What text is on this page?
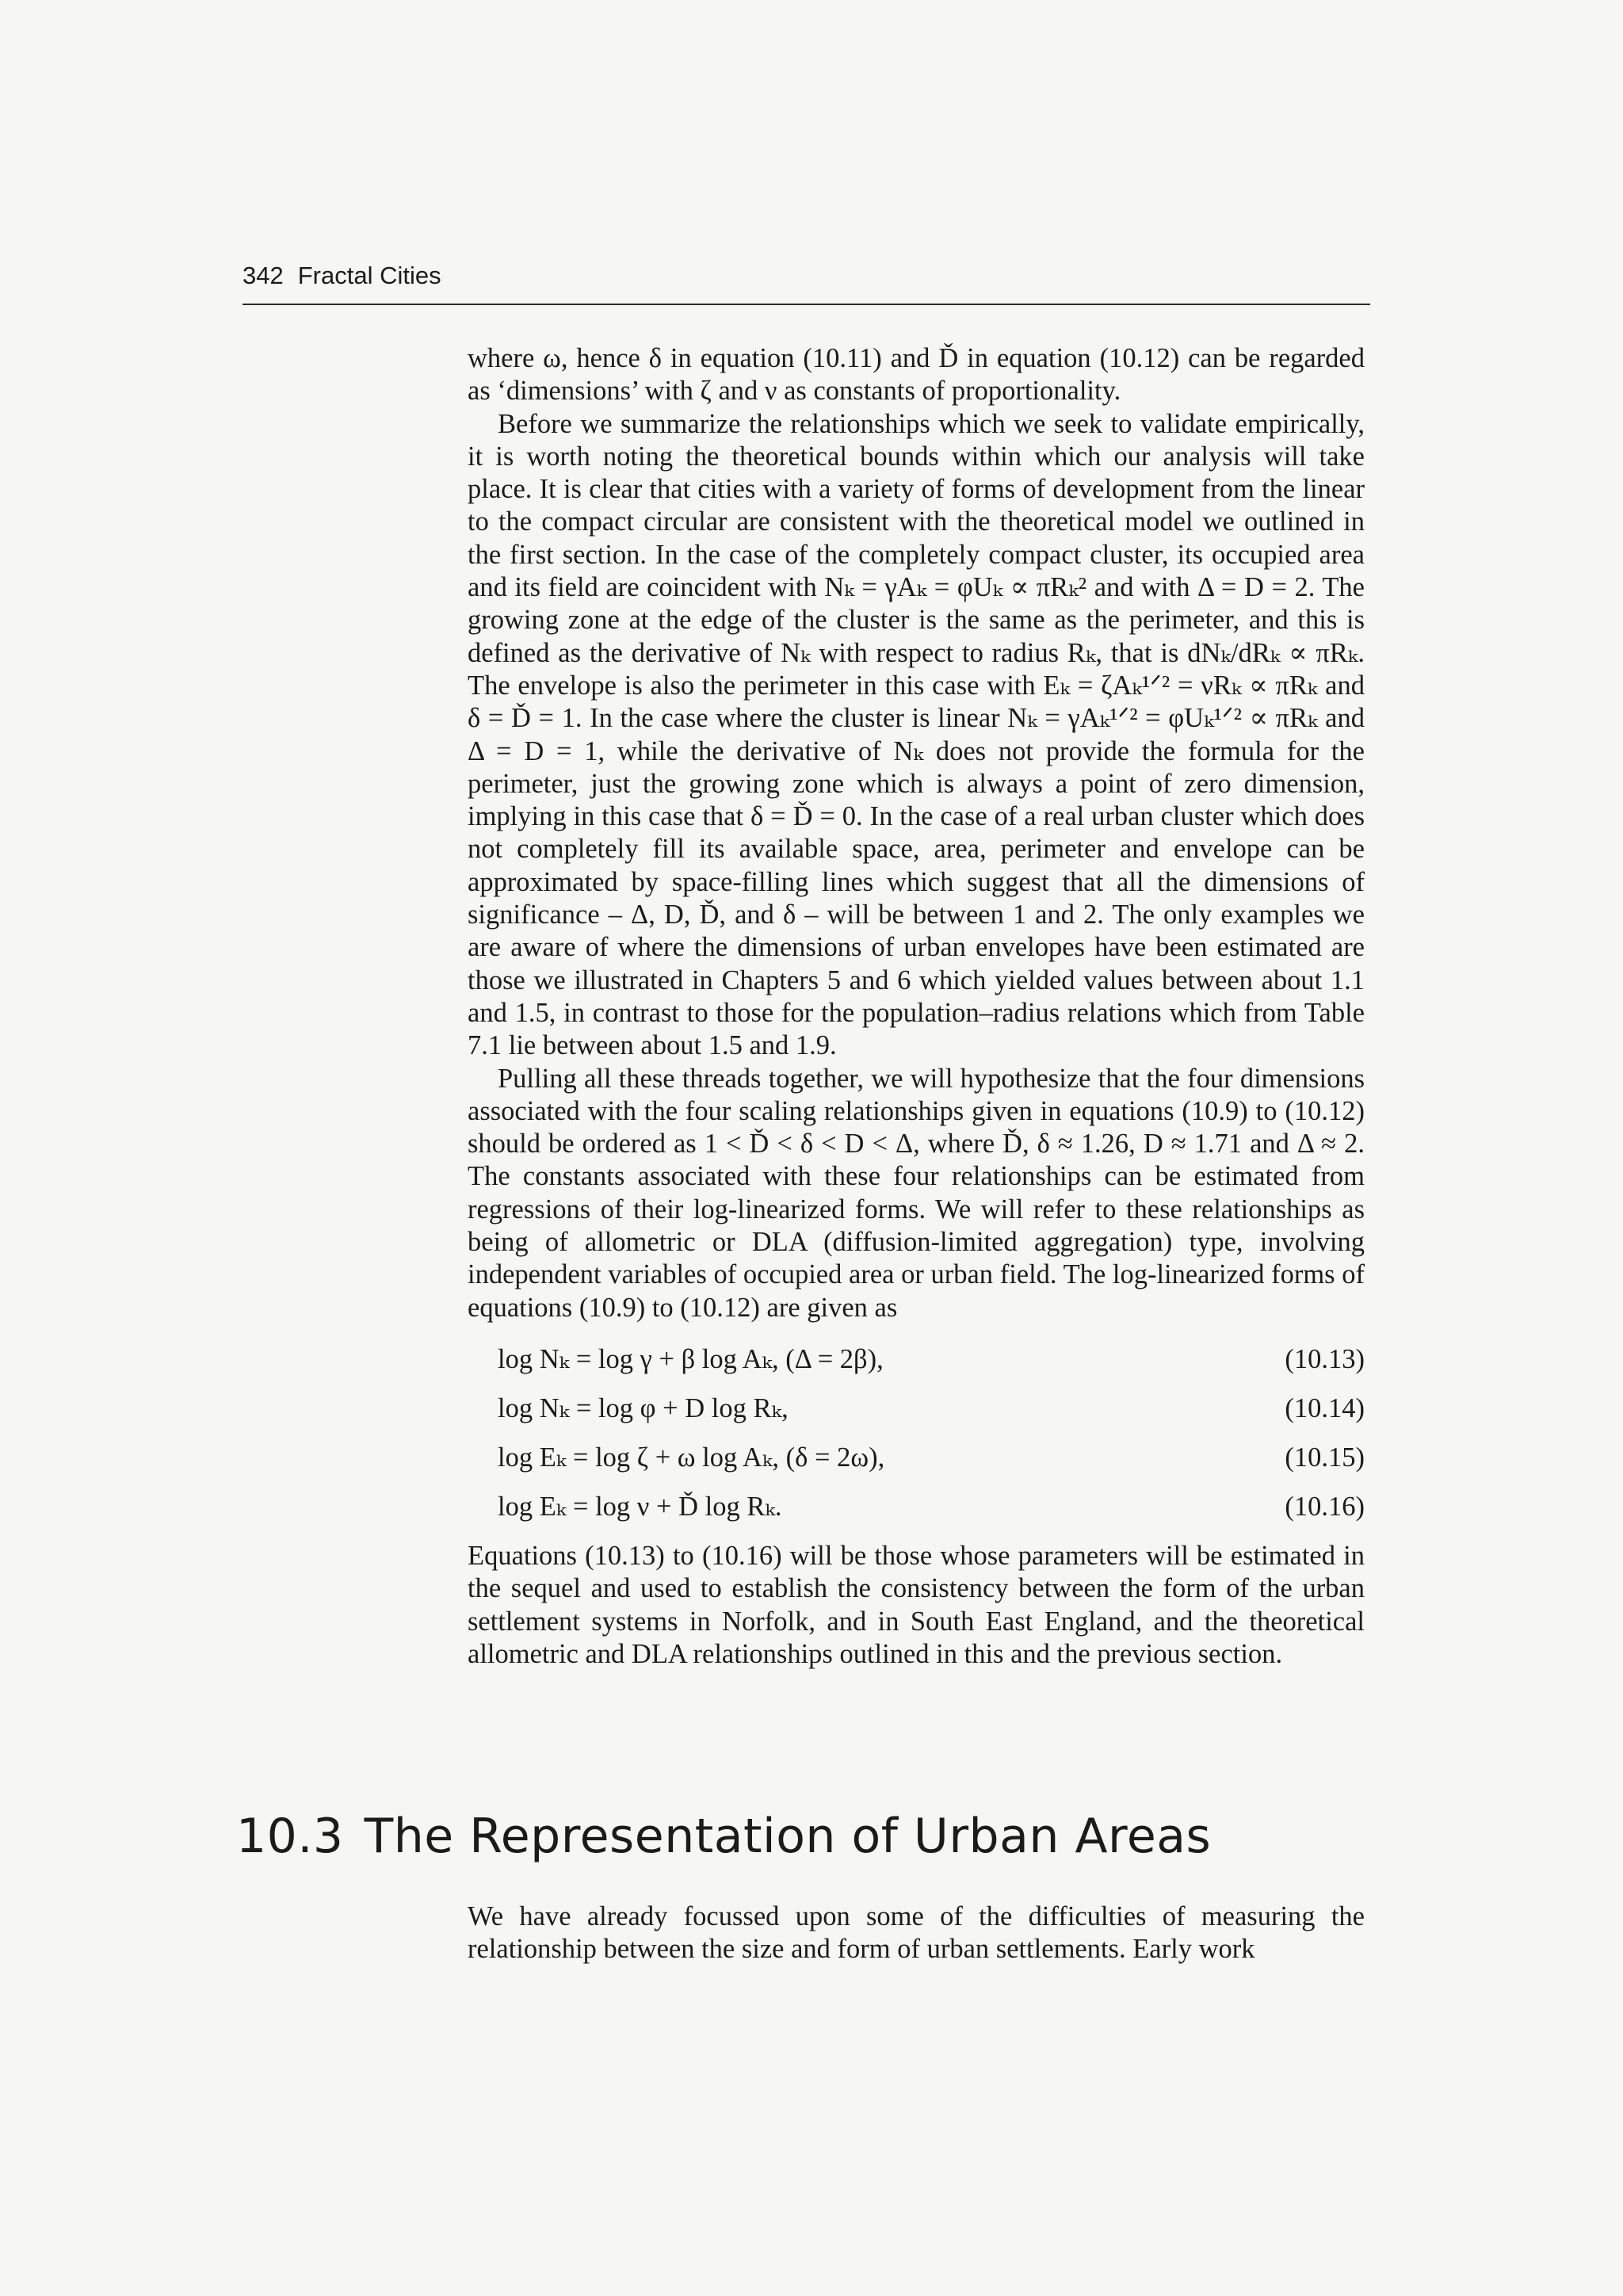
342 Fractal Cities

where ω, hence δ in equation (10.11) and Ď in equation (10.12) can be regarded as ‘dimensions’ with ζ and ν as constants of proportionality.

Before we summarize the relationships which we seek to validate empirically, it is worth noting the theoretical bounds within which our analysis will take place. It is clear that cities with a variety of forms of development from the linear to the compact circular are consistent with the theoretical model we outlined in the first section. In the case of the completely compact cluster, its occupied area and its field are coincident with Nₖ = γAₖ = φUₖ ∝ πRₖ² and with Δ = D = 2. The growing zone at the edge of the cluster is the same as the perimeter, and this is defined as the derivative of Nₖ with respect to radius Rₖ, that is dNₖ/dRₖ ∝ πRₖ. The envelope is also the perimeter in this case with Eₖ = ζAₖ¹ᐟ² = νRₖ ∝ πRₖ and δ = Ď = 1. In the case where the cluster is linear Nₖ = γAₖ¹ᐟ² = φUₖ¹ᐟ² ∝ πRₖ and Δ = D = 1, while the derivative of Nₖ does not provide the formula for the perimeter, just the growing zone which is always a point of zero dimension, implying in this case that δ = Ď = 0. In the case of a real urban cluster which does not completely fill its available space, area, perimeter and envelope can be approximated by space-filling lines which suggest that all the dimensions of significance – Δ, D, Ď, and δ – will be between 1 and 2. The only examples we are aware of where the dimensions of urban envelopes have been estimated are those we illustrated in Chapters 5 and 6 which yielded values between about 1.1 and 1.5, in contrast to those for the population–radius relations which from Table 7.1 lie between about 1.5 and 1.9.

Pulling all these threads together, we will hypothesize that the four dimensions associated with the four scaling relationships given in equations (10.9) to (10.12) should be ordered as 1 < Ď < δ < D < Δ, where Ď, δ ≈ 1.26, D ≈ 1.71 and Δ ≈ 2. The constants associated with these four relationships can be estimated from regressions of their log-linearized forms. We will refer to these relationships as being of allometric or DLA (diffusion-limited aggregation) type, involving independent variables of occupied area or urban field. The log-linearized forms of equations (10.9) to (10.12) are given as

log Nₖ = log γ + β log Aₖ, (Δ = 2β),	(10.13)
log Nₖ = log φ + D log Rₖ,	(10.14)
log Eₖ = log ζ + ω log Aₖ, (δ = 2ω),	(10.15)
log Eₖ = log ν + Ď log Rₖ.	(10.16)

Equations (10.13) to (10.16) will be those whose parameters will be estimated in the sequel and used to establish the consistency between the form of the urban settlement systems in Norfolk, and in South East England, and the theoretical allometric and DLA relationships outlined in this and the previous section.

10.3 The Representation of Urban Areas

We have already focussed upon some of the difficulties of measuring the relationship between the size and form of urban settlements. Early work
